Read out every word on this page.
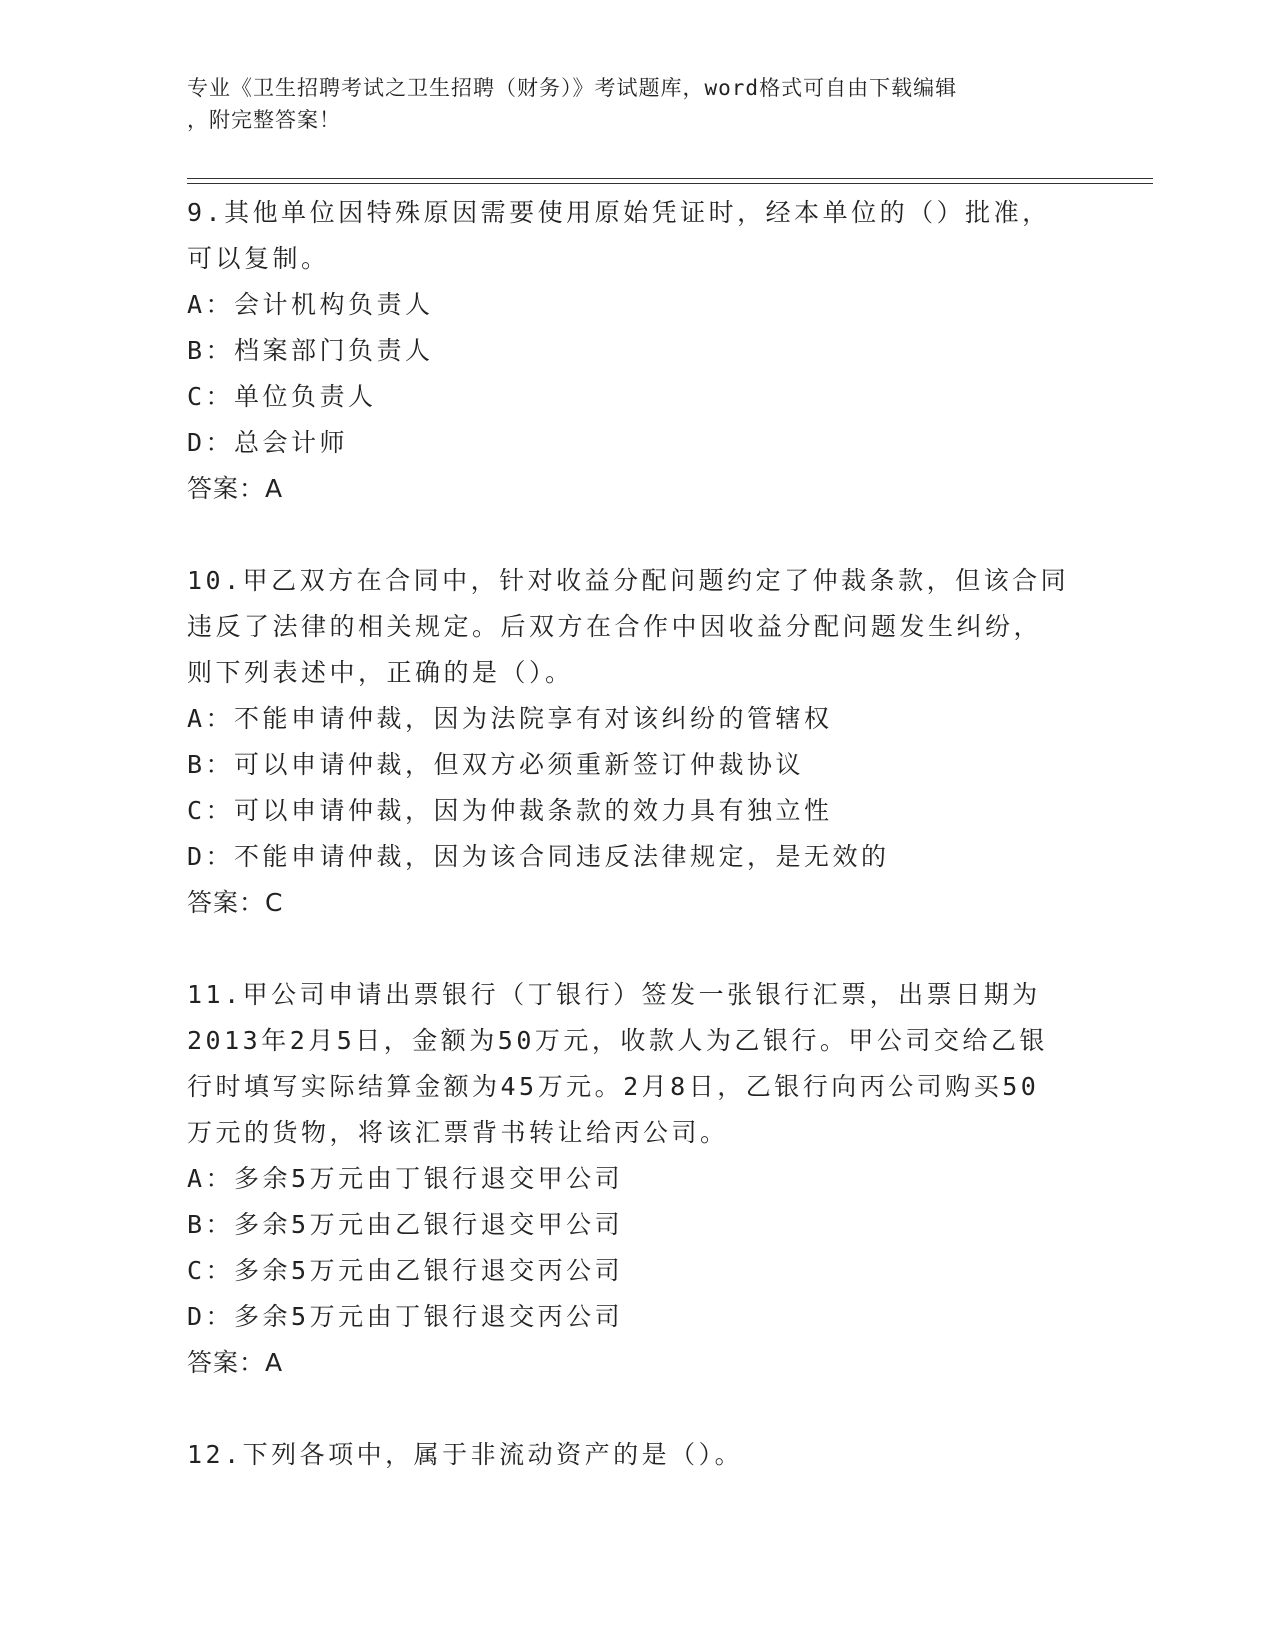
专业《卫生招聘考试之卫生招聘（财务）》考试题库，word格式可自由下载编辑
，附完整答案！
9.其他单位因特殊原因需要使用原始凭证时，经本单位的（）批准，
可以复制。
A：会计机构负责人
B：档案部门负责人
C：单位负责人
D：总会计师
答案：A
10.甲乙双方在合同中，针对收益分配问题约定了仲裁条款，但该合同
违反了法律的相关规定。后双方在合作中因收益分配问题发生纠纷，
则下列表述中，正确的是（）。
A：不能申请仲裁，因为法院享有对该纠纷的管辖权
B：可以申请仲裁，但双方必须重新签订仲裁协议
C：可以申请仲裁，因为仲裁条款的效力具有独立性
D：不能申请仲裁，因为该合同违反法律规定，是无效的
答案：C
11.甲公司申请出票银行（丁银行）签发一张银行汇票，出票日期为
2013年2月5日，金额为50万元，收款人为乙银行。甲公司交给乙银
行时填写实际结算金额为45万元。2月8日，乙银行向丙公司购买50
万元的货物，将该汇票背书转让给丙公司。
A：多余5万元由丁银行退交甲公司
B：多余5万元由乙银行退交甲公司
C：多余5万元由乙银行退交丙公司
D：多余5万元由丁银行退交丙公司
答案：A
12.下列各项中，属于非流动资产的是（）。
